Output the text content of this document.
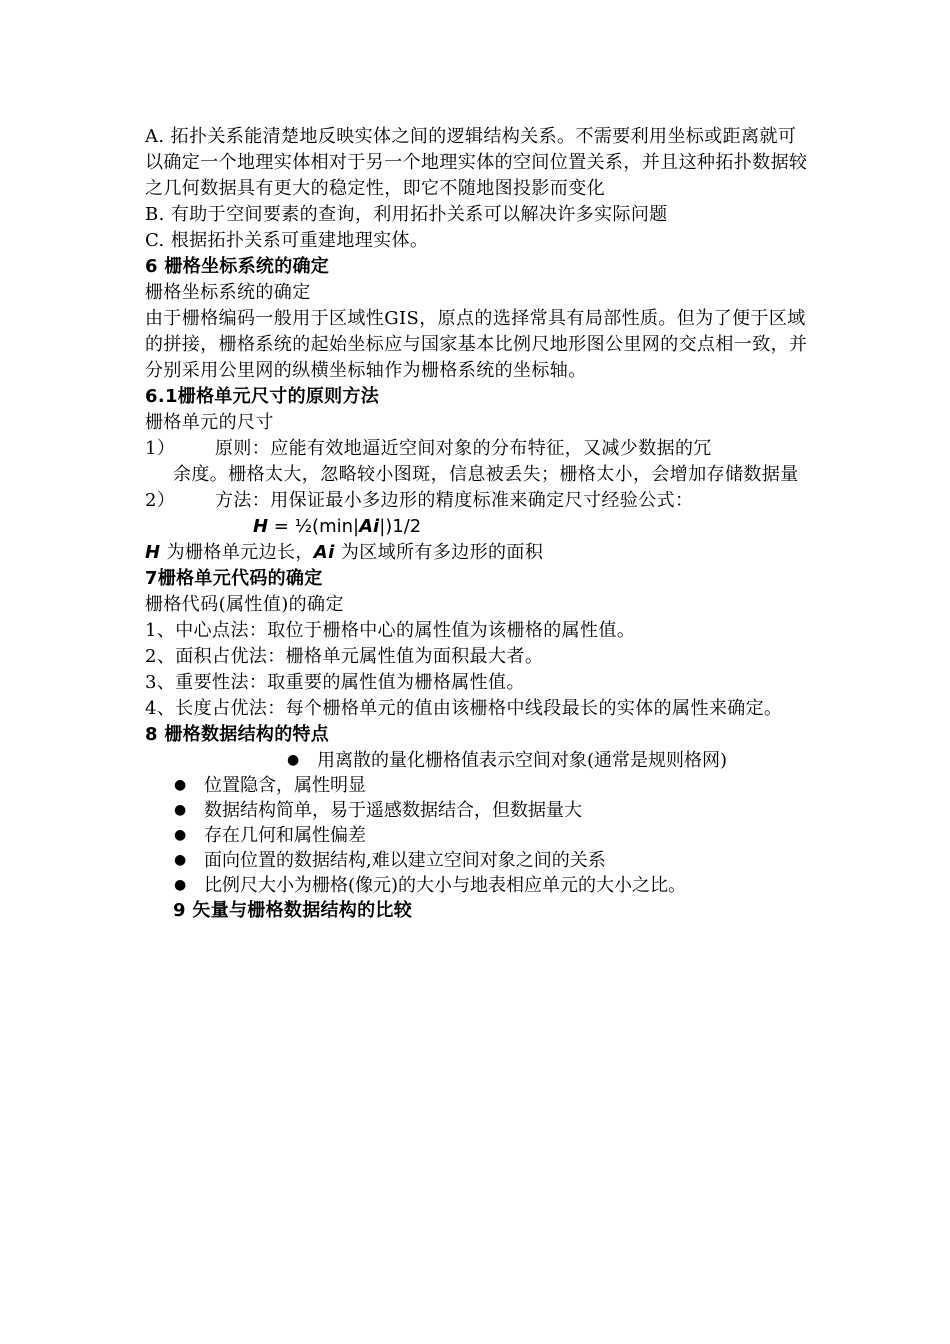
A. 拓扑关系能清楚地反映实体之间的逻辑结构关系。不需要利用坐标或距离就可以确定一个地理实体相对于另一个地理实体的空间位置关系，并且这种拓扑数据较之几何数据具有更大的稳定性，即它不随地图投影而变化

B. 有助于空间要素的查询，利用拓扑关系可以解决许多实际问题

C. 根据拓扑关系可重建地理实体。

6 栅格坐标系统的确定

栅格坐标系统的确定

由于栅格编码一般用于区域性GIS，原点的选择常具有局部性质。但为了便于区域的拼接，栅格系统的起始坐标应与国家基本比例尺地形图公里网的交点相一致，并分别采用公里网的纵横坐标轴作为栅格系统的坐标轴。

6.1栅格单元尺寸的原则方法

栅格单元的尺寸

1）	原则：应能有效地逼近空间对象的分布特征，又减少数据的冗
余度。栅格太大，忽略较小图斑，信息被丢失；栅格太小，会增加存储数据量
2）	方法：用保证最小多边形的精度标准来确定尺寸经验公式：

H = ½(min|Ai|)1/2

H 为栅格单元边长，Ai 为区域所有多边形的面积

7栅格单元代码的确定

栅格代码(属性值)的确定

1、中心点法：取位于栅格中心的属性值为该栅格的属性值。

2、面积占优法：栅格单元属性值为面积最大者。

3、重要性法：取重要的属性值为栅格属性值。

4、长度占优法：每个栅格单元的值由该栅格中线段最长的实体的属性来确定。

8 栅格数据结构的特点

● 用离散的量化栅格值表示空间对象(通常是规则格网)
● 位置隐含，属性明显
● 数据结构简单，易于遥感数据结合，但数据量大
● 存在几何和属性偏差
● 面向位置的数据结构,难以建立空间对象之间的关系
● 比例尺大小为栅格(像元)的大小与地表相应单元的大小之比。

9 矢量与栅格数据结构的比较
